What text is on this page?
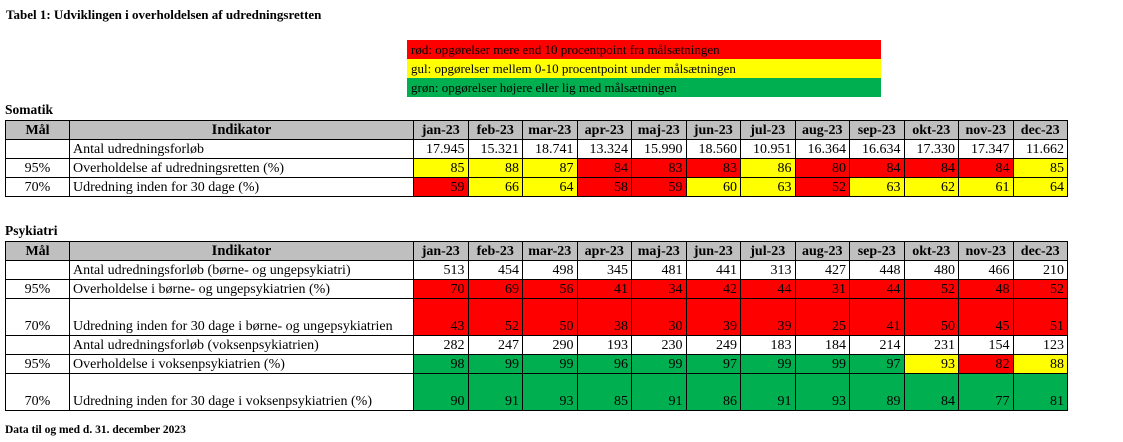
Tabel 1: Udviklingen i overholdelsen af udredningsretten
rød: opgørelser mere end 10 procentpoint fra målsætningen
gul: opgørelser mellem 0-10 procentpoint under målsætningen
grøn: opgørelser højere eller lig med målsætningen
Somatik
Mål	Indikator	jan-23	feb-23	mar-23	apr-23	maj-23	jun-23	jul-23	aug-23	sep-23	okt-23	nov-23	dec-23
	Antal udredningsforløb	17.945	15.321	18.741	13.324	15.990	18.560	10.951	16.364	16.634	17.330	17.347	11.662
95%	Overholdelse af udredningsretten (%)	85	88	87	84	83	83	86	80	84	84	84	85
70%	Udredning inden for 30 dage (%)	59	66	64	58	59	60	63	52	63	62	61	64
Psykiatri
Mål	Indikator	jan-23	feb-23	mar-23	apr-23	maj-23	jun-23	jul-23	aug-23	sep-23	okt-23	nov-23	dec-23
	Antal udredningsforløb (børne- og ungepsykiatri)	513	454	498	345	481	441	313	427	448	480	466	210
95%	Overholdelse i børne- og ungepsykiatrien (%)	70	69	56	41	34	42	44	31	44	52	48	52
70%	Udredning inden for 30 dage i børne- og ungepsykiatrien	43	52	50	38	30	39	39	25	41	50	45	51
	Antal udredningsforløb (voksenpsykiatrien)	282	247	290	193	230	249	183	184	214	231	154	123
95%	Overholdelse i voksenpsykiatrien (%)	98	99	99	96	99	97	99	99	97	93	82	88
70%	Udredning inden for 30 dage i voksenpsykiatrien (%)	90	91	93	85	91	86	91	93	89	84	77	81
Data til og med d. 31. december 2023
